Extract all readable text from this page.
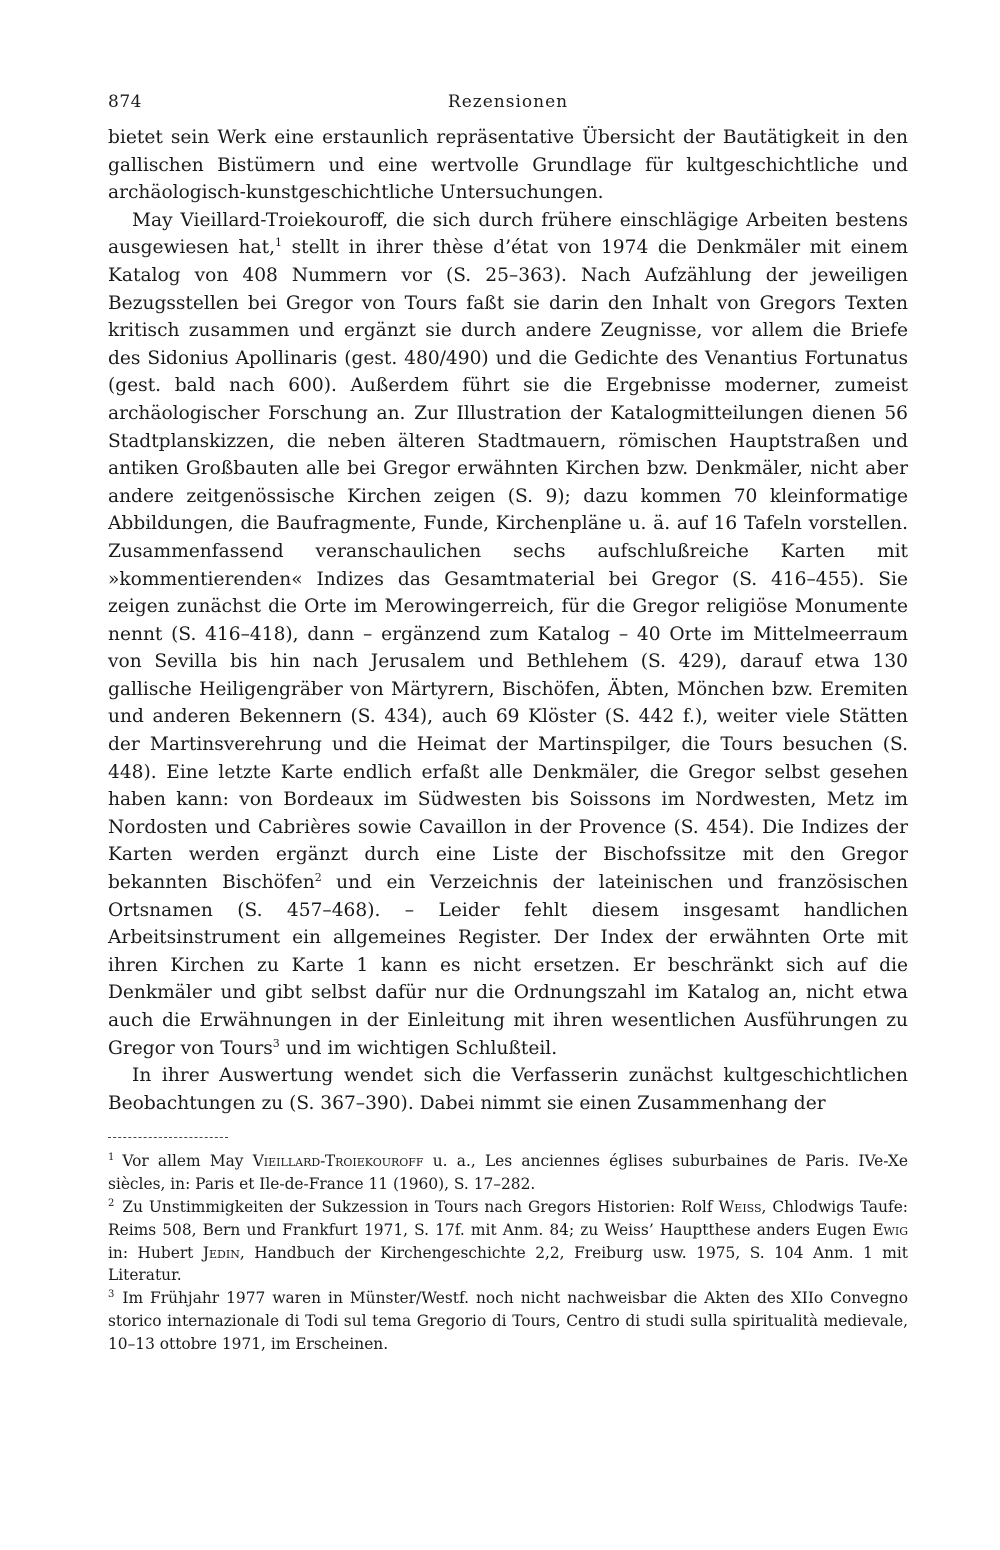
874	Rezensionen

bietet sein Werk eine erstaunlich repräsentative Übersicht der Bautätigkeit in den gallischen Bistümern und eine wertvolle Grundlage für kultgeschichtliche und archäologisch-kunstgeschichtliche Untersuchungen.

May Vieillard-Troiekouroff, die sich durch frühere einschlägige Arbeiten bestens ausgewiesen hat,$^1$ stellt in ihrer thèse d’état von 1974 die Denkmäler mit einem Katalog von 408 Nummern vor (S. 25–363). Nach Aufzählung der jeweiligen Bezugsstellen bei Gregor von Tours faßt sie darin den Inhalt von Gregors Texten kritisch zusammen und ergänzt sie durch andere Zeugnisse, vor allem die Briefe des Sidonius Apollinaris (gest. 480/490) und die Gedichte des Venantius Fortunatus (gest. bald nach 600). Außerdem führt sie die Ergebnisse moderner, zumeist archäologischer Forschung an. Zur Illustration der Katalogmitteilungen dienen 56 Stadtplanskizzen, die neben älteren Stadtmauern, römischen Hauptstraßen und antiken Großbauten alle bei Gregor erwähnten Kirchen bzw. Denkmäler, nicht aber andere zeitgenössische Kirchen zeigen (S. 9); dazu kommen 70 kleinformatige Abbildungen, die Baufragmente, Funde, Kirchenpläne u. ä. auf 16 Tafeln vorstellen. Zusammenfassend veranschaulichen sechs aufschlußreiche Karten mit »kommentierenden« Indizes das Gesamtmaterial bei Gregor (S. 416–455). Sie zeigen zunächst die Orte im Merowingerreich, für die Gregor religiöse Monumente nennt (S. 416–418), dann – ergänzend zum Katalog – 40 Orte im Mittelmeerraum von Sevilla bis hin nach Jerusalem und Bethlehem (S. 429), darauf etwa 130 gallische Heiligengräber von Märtyrern, Bischöfen, Äbten, Mönchen bzw. Eremiten und anderen Bekennern (S. 434), auch 69 Klöster (S. 442 f.), weiter viele Stätten der Martinsverehrung und die Heimat der Martinspilger, die Tours besuchen (S. 448). Eine letzte Karte endlich erfaßt alle Denkmäler, die Gregor selbst gesehen haben kann: von Bordeaux im Südwesten bis Soissons im Nordwesten, Metz im Nordosten und Cabrières sowie Cavaillon in der Provence (S. 454). Die Indizes der Karten werden ergänzt durch eine Liste der Bischofssitze mit den Gregor bekannten Bischöfen$^2$ und ein Verzeichnis der lateinischen und französischen Ortsnamen (S. 457–468). – Leider fehlt diesem insgesamt handlichen Arbeitsinstrument ein allgemeines Register. Der Index der erwähnten Orte mit ihren Kirchen zu Karte 1 kann es nicht ersetzen. Er beschränkt sich auf die Denkmäler und gibt selbst dafür nur die Ordnungszahl im Katalog an, nicht etwa auch die Erwähnungen in der Einleitung mit ihren wesentlichen Ausführungen zu Gregor von Tours$^3$ und im wichtigen Schlußteil.

In ihrer Auswertung wendet sich die Verfasserin zunächst kultgeschichtlichen Beobachtungen zu (S. 367–390). Dabei nimmt sie einen Zusammenhang der

$^1$ Vor allem May Vieillard-Troiekouroff u. a., Les anciennes églises suburbaines de Paris. IVe-Xe siècles, in: Paris et Ile-de-France 11 (1960), S. 17–282.

$^2$ Zu Unstimmigkeiten der Sukzession in Tours nach Gregors Historien: Rolf Weiss, Chlodwigs Taufe: Reims 508, Bern und Frankfurt 1971, S. 17f. mit Anm. 84; zu Weiss’ Hauptthese anders Eugen Ewig in: Hubert Jedin, Handbuch der Kirchengeschichte 2,2, Freiburg usw. 1975, S. 104 Anm. 1 mit Literatur.

$^3$ Im Frühjahr 1977 waren in Münster/Westf. noch nicht nachweisbar die Akten des XIIo Convegno storico internazionale di Todi sul tema Gregorio di Tours, Centro di studi sulla spiritualità medievale, 10–13 ottobre 1971, im Erscheinen.
